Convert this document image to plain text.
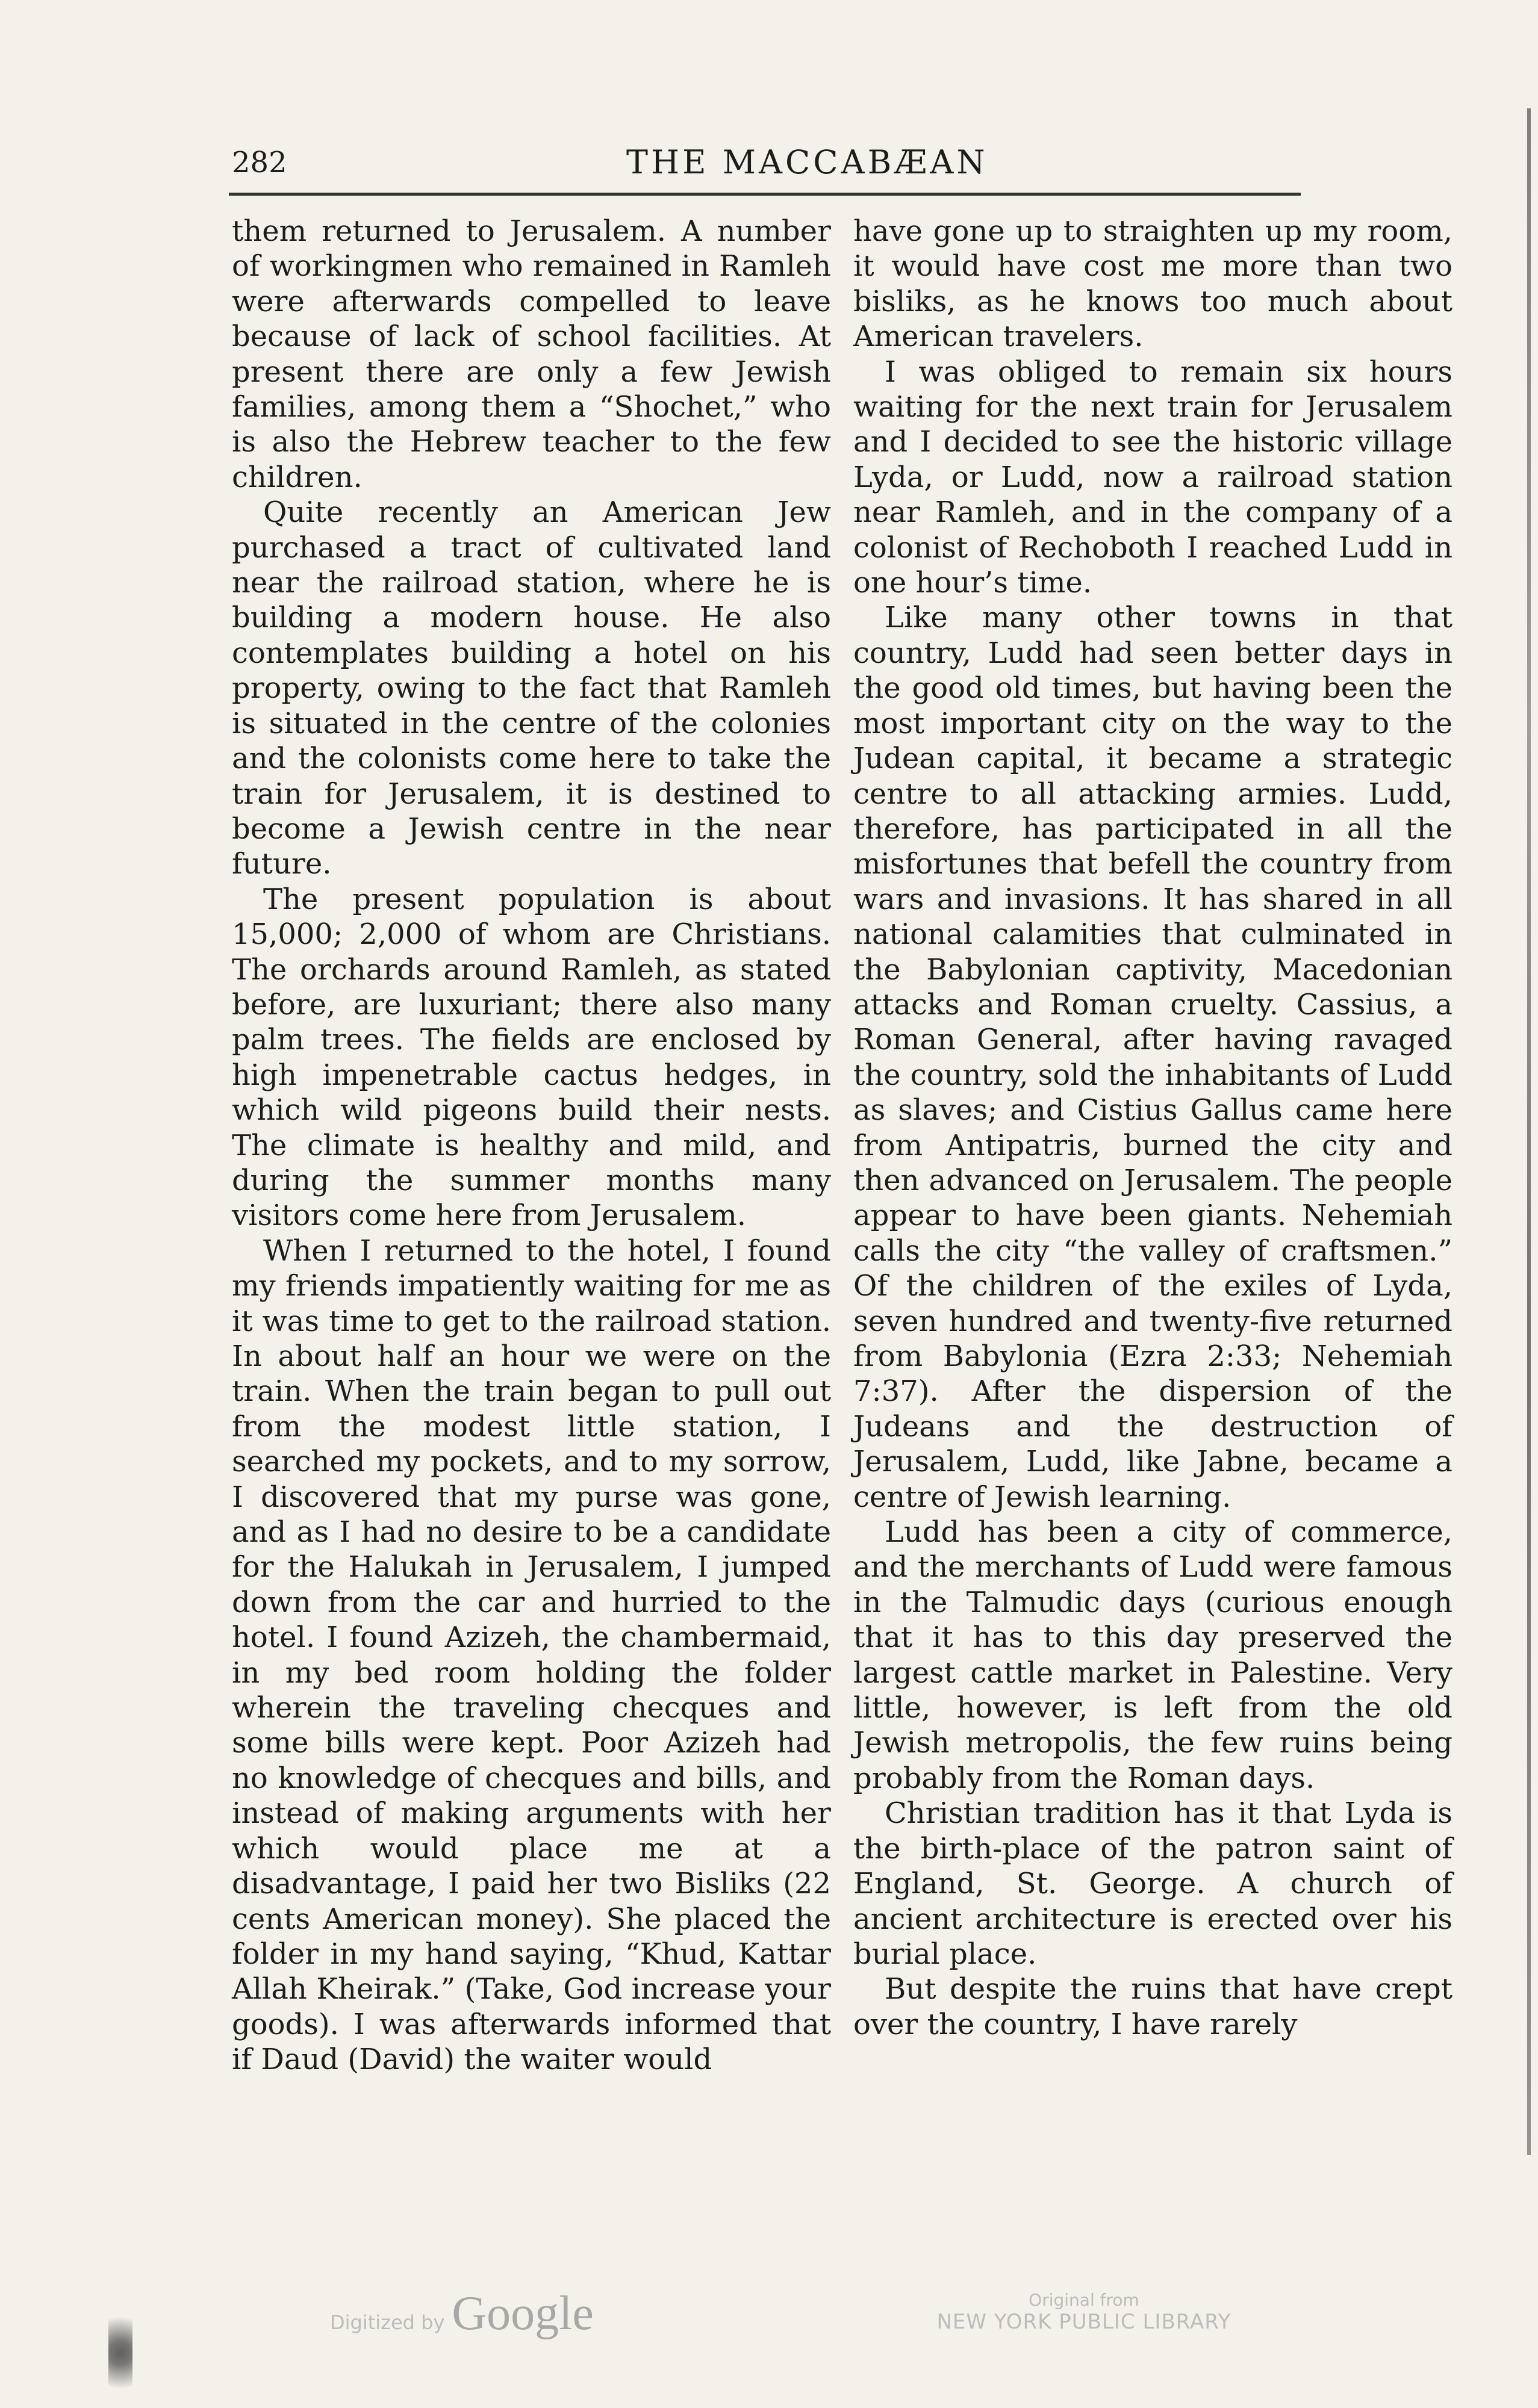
282	THE MACCABÆAN

them returned to Jerusalem. A number of workingmen who remained in Ramleh were afterwards compelled to leave because of lack of school facilities. At present there are only a few Jewish families, among them a “Shochet,” who is also the Hebrew teacher to the few children.

Quite recently an American Jew purchased a tract of cultivated land near the railroad station, where he is building a modern house. He also contemplates building a hotel on his property, owing to the fact that Ramleh is situated in the centre of the colonies and the colonists come here to take the train for Jerusalem, it is destined to become a Jewish centre in the near future.

The present population is about 15,000; 2,000 of whom are Christians. The orchards around Ramleh, as stated before, are luxuriant; there also many palm trees. The fields are enclosed by high impenetrable cactus hedges, in which wild pigeons build their nests. The climate is healthy and mild, and during the summer months many visitors come here from Jerusalem.

When I returned to the hotel, I found my friends impatiently waiting for me as it was time to get to the railroad station. In about half an hour we were on the train. When the train began to pull out from the modest little station, I searched my pockets, and to my sorrow, I discovered that my purse was gone, and as I had no desire to be a candidate for the Halukah in Jerusalem, I jumped down from the car and hurried to the hotel. I found Azizeh, the chambermaid, in my bed room holding the folder wherein the traveling checques and some bills were kept. Poor Azizeh had no knowledge of checques and bills, and instead of making arguments with her which would place me at a disadvantage, I paid her two Bisliks (22 cents American money). She placed the folder in my hand saying, “Khud, Kattar Allah Kheirak.” (Take, God increase your goods). I was afterwards informed that if Daud (David) the waiter would

have gone up to straighten up my room, it would have cost me more than two bisliks, as he knows too much about American travelers.

I was obliged to remain six hours waiting for the next train for Jerusalem and I decided to see the historic village Lyda, or Ludd, now a railroad station near Ramleh, and in the company of a colonist of Rechoboth I reached Ludd in one hour’s time.

Like many other towns in that country, Ludd had seen better days in the good old times, but having been the most important city on the way to the Judean capital, it became a strategic centre to all attacking armies. Ludd, therefore, has participated in all the misfortunes that befell the country from wars and invasions. It has shared in all national calamities that culminated in the Babylonian captivity, Macedonian attacks and Roman cruelty. Cassius, a Roman General, after having ravaged the country, sold the inhabitants of Ludd as slaves; and Cistius Gallus came here from Antipatris, burned the city and then advanced on Jerusalem. The people appear to have been giants. Nehemiah calls the city “the valley of craftsmen.” Of the children of the exiles of Lyda, seven hundred and twenty-five returned from Babylonia (Ezra 2:33; Nehemiah 7:37). After the dispersion of the Judeans and the destruction of Jerusalem, Ludd, like Jabne, became a centre of Jewish learning.

Ludd has been a city of commerce, and the merchants of Ludd were famous in the Talmudic days (curious enough that it has to this day preserved the largest cattle market in Palestine. Very little, however, is left from the old Jewish metropolis, the few ruins being probably from the Roman days.

Christian tradition has it that Lyda is the birth-place of the patron saint of England, St. George. A church of ancient architecture is erected over his burial place.

But despite the ruins that have crept over the country, I have rarely

Digitized by Google	Original from
NEW YORK PUBLIC LIBRARY
